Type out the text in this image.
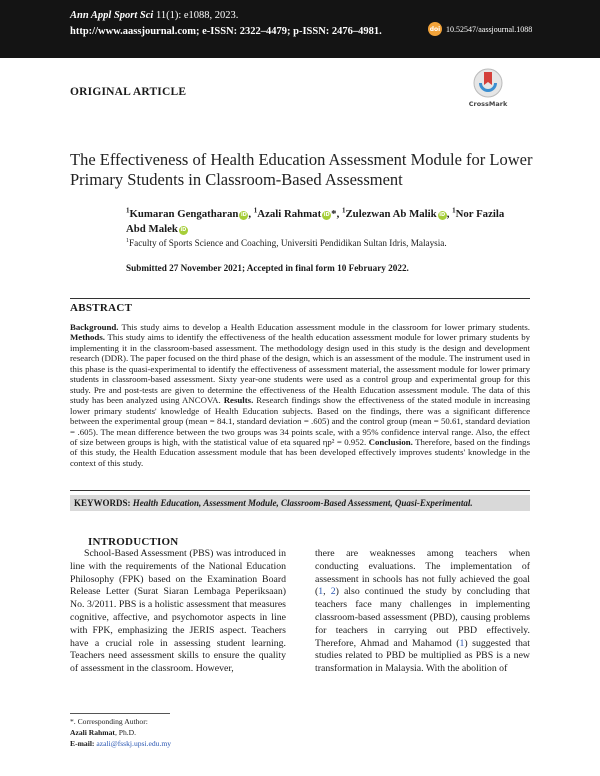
Ann Appl Sport Sci 11(1): e1088, 2023.
http://www.aassjournal.com; e-ISSN: 2322–4479; p-ISSN: 2476–4981.	doi 10.52547/aassjournal.1088
ORIGINAL ARTICLE
CrossMark
The Effectiveness of Health Education Assessment Module for Lower Primary Students in Classroom-Based Assessment
$^1$Kumaran Gengatharan iD , $^1$Azali Rahmat iD *, $^1$Zulezwan Ab Malik iD , $^1$Nor Fazila Abd Malek iD
$^1$Faculty of Sports Science and Coaching, Universiti Pendidikan Sultan Idris, Malaysia.
Submitted 27 November 2021; Accepted in final form 10 February 2022.
ABSTRACT
Background. This study aims to develop a Health Education assessment module in the classroom for lower primary students. Methods. This study aims to identify the effectiveness of the health education assessment module for lower primary students by implementing it in the classroom-based assessment. The methodology design used in this study is the design and development research (DDR). The paper focused on the third phase of the design, which is an assessment of the module. The instrument used in this phase is the quasi-experimental to identify the effectiveness of assessment material, the assessment module for lower primary students in classroom-based assessment. Sixty year-one students were used as a control group and experimental group for this study. Pre and post-tests are given to determine the effectiveness of the Health Education assessment module. The data of this study has been analyzed using ANCOVA. Results. Research findings show the effectiveness of the stated module in increasing lower primary students' knowledge of Health Education subjects. Based on the findings, there was a significant difference between the experimental group (mean = 84.1, standard deviation = .605) and the control group (mean = 50.61, standard deviation = .605). The mean difference between the two groups was 34 points scale, with a 95% confidence interval range. Also, the effect of size between groups is high, with the statistical value of eta squared ηp² = 0.952. Conclusion. Therefore, based on the findings of this study, the Health Education assessment module that has been developed effectively improves students' knowledge in the context of this study.
KEYWORDS: Health Education, Assessment Module, Classroom-Based Assessment, Quasi-Experimental.
INTRODUCTION
School-Based Assessment (PBS) was introduced in line with the requirements of the National Education Philosophy (FPK) based on the Examination Board Release Letter (Surat Siaran Lembaga Peperiksaan) No. 3/2011. PBS is a holistic assessment that measures cognitive, affective, and psychomotor aspects in line with FPK, emphasizing the JERIS aspect. Teachers have a crucial role in assessing student learning. Teachers need assessment skills to ensure the quality of assessment in the classroom. However,
there are weaknesses among teachers when conducting evaluations. The implementation of assessment in schools has not fully achieved the goal (1, 2) also continued the study by concluding that teachers face many challenges in implementing classroom-based assessment (PBD), causing problems for teachers in carrying out PBD effectively. Therefore, Ahmad and Mahamod (1) suggested that studies related to PBD be multiplied as PBS is a new transformation in Malaysia. With the abolition of
*. Corresponding Author:
Azali Rahmat, Ph.D.
E-mail: azali@fsskj.upsi.edu.my
